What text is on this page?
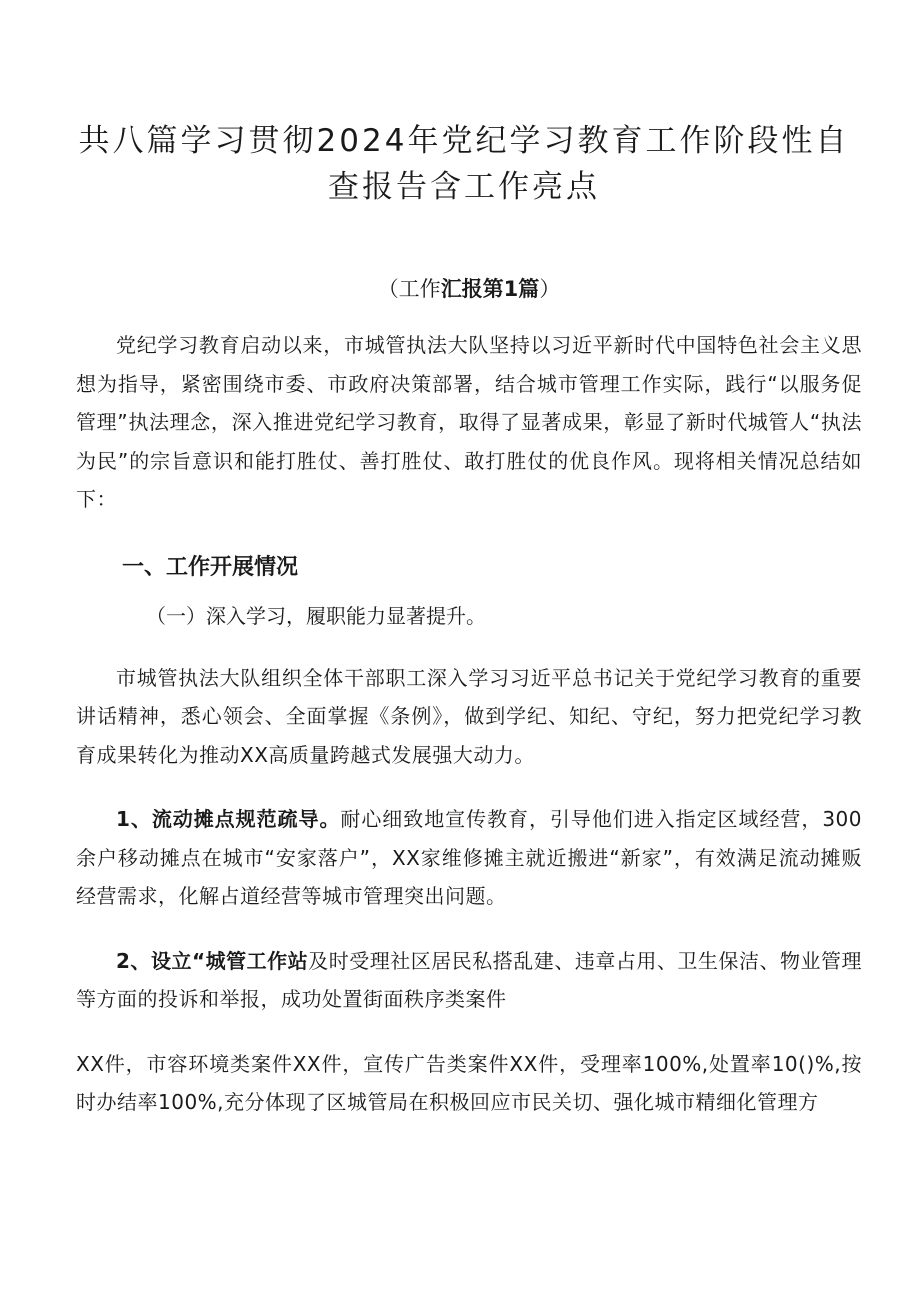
共八篇学习贯彻2024年党纪学习教育工作阶段性自
查报告含工作亮点
（工作汇报第1篇）

党纪学习教育启动以来，市城管执法大队坚持以习近平新时代中国特色社会主义思想为指导，紧密围绕市委、市政府决策部署，结合城市管理工作实际，践行“以服务促管理”执法理念，深入推进党纪学习教育，取得了显著成果，彰显了新时代城管人“执法为民”的宗旨意识和能打胜仗、善打胜仗、敢打胜仗的优良作风。现将相关情况总结如下：

一、工作开展情况
（一）深入学习，履职能力显著提升。

市城管执法大队组织全体干部职工深入学习习近平总书记关于党纪学习教育的重要讲话精神，悉心领会、全面掌握《条例》，做到学纪、知纪、守纪，努力把党纪学习教育成果转化为推动XX高质量跨越式发展强大动力。

1、流动摊点规范疏导。耐心细致地宣传教育，引导他们进入指定区域经营，300余户移动摊点在城市“安家落户”，XX家维修摊主就近搬进“新家”，有效满足流动摊贩经营需求，化解占道经营等城市管理突出问题。

2、设立“城管工作站及时受理社区居民私搭乱建、违章占用、卫生保洁、物业管理等方面的投诉和举报，成功处置街面秩序类案件

XX件，市容环境类案件XX件，宣传广告类案件XX件，受理率100%,处置率10()%,按时办结率100%,充分体现了区城管局在积极回应市民关切、强化城市精细化管理方
